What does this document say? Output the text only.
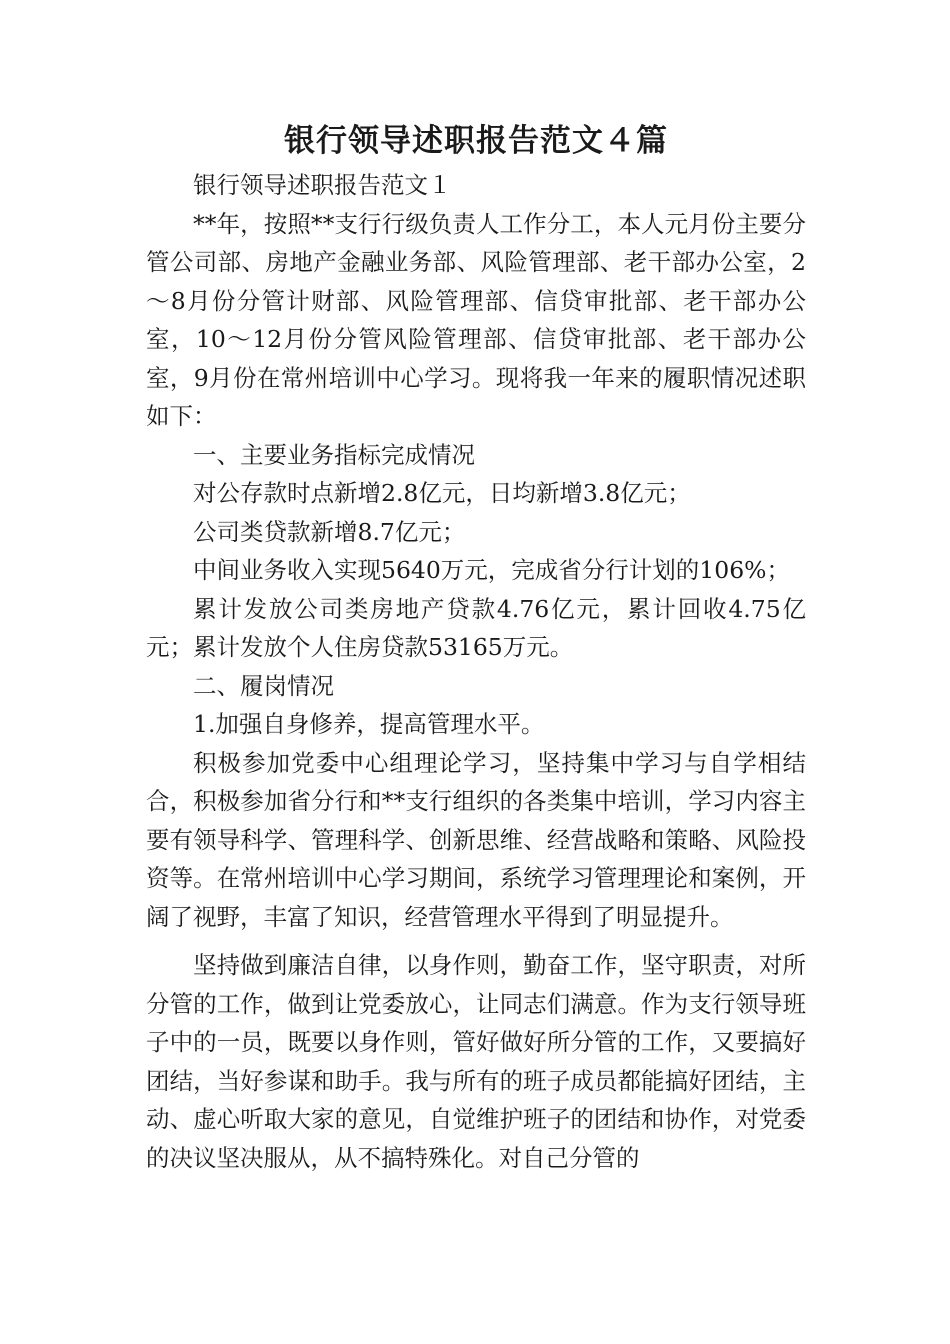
银行领导述职报告范文４篇

银行领导述职报告范文１

**年，按照**支行行级负责人工作分工，本人元月份主要分管公司部、房地产金融业务部、风险管理部、老干部办公室，2～8月份分管计财部、风险管理部、信贷审批部、老干部办公室，10～12月份分管风险管理部、信贷审批部、老干部办公室，9月份在常州培训中心学习。现将我一年来的履职情况述职如下：

一、主要业务指标完成情况

对公存款时点新增2.8亿元，日均新增3.8亿元；

公司类贷款新增8.7亿元；

中间业务收入实现5640万元，完成省分行计划的106%；

累计发放公司类房地产贷款4.76亿元，累计回收4.75亿元；累计发放个人住房贷款53165万元。

二、履岗情况

1.加强自身修养，提高管理水平。

积极参加党委中心组理论学习，坚持集中学习与自学相结合，积极参加省分行和**支行组织的各类集中培训，学习内容主要有领导科学、管理科学、创新思维、经营战略和策略、风险投资等。在常州培训中心学习期间，系统学习管理理论和案例，开阔了视野，丰富了知识，经营管理水平得到了明显提升。

坚持做到廉洁自律，以身作则，勤奋工作，坚守职责，对所分管的工作，做到让党委放心，让同志们满意。作为支行领导班子中的一员，既要以身作则，管好做好所分管的工作，又要搞好团结，当好参谋和助手。我与所有的班子成员都能搞好团结，主动、虚心听取大家的意见，自觉维护班子的团结和协作，对党委的决议坚决服从，从不搞特殊化。对自己分管的
